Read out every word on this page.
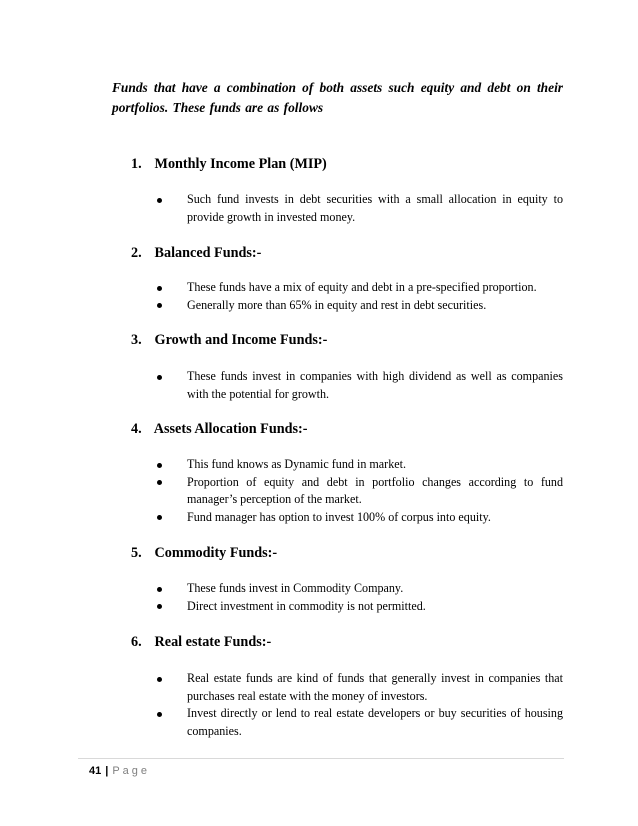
Funds that have a combination of both assets such equity and debt on their portfolios. These funds are as follows

1. Monthly Income Plan (MIP)

Such fund invests in debt securities with a small allocation in equity to provide growth in invested money.

2. Balanced Funds:-

These funds have a mix of equity and debt in a pre-specified proportion.
Generally more than 65% in equity and rest in debt securities.

3. Growth and Income Funds:-

These funds invest in companies with high dividend as well as companies with the potential for growth.

4. Assets Allocation Funds:-

This fund knows as Dynamic fund in market.
Proportion of equity and debt in portfolio changes according to fund manager’s perception of the market.
Fund manager has option to invest 100% of corpus into equity.

5. Commodity Funds:-

These funds invest in Commodity Company.
Direct investment in commodity is not permitted.

6. Real estate Funds:-

Real estate funds are kind of funds that generally invest in companies that purchases real estate with the money of investors.
Invest directly or lend to real estate developers or buy securities of housing companies.
41 | Page
